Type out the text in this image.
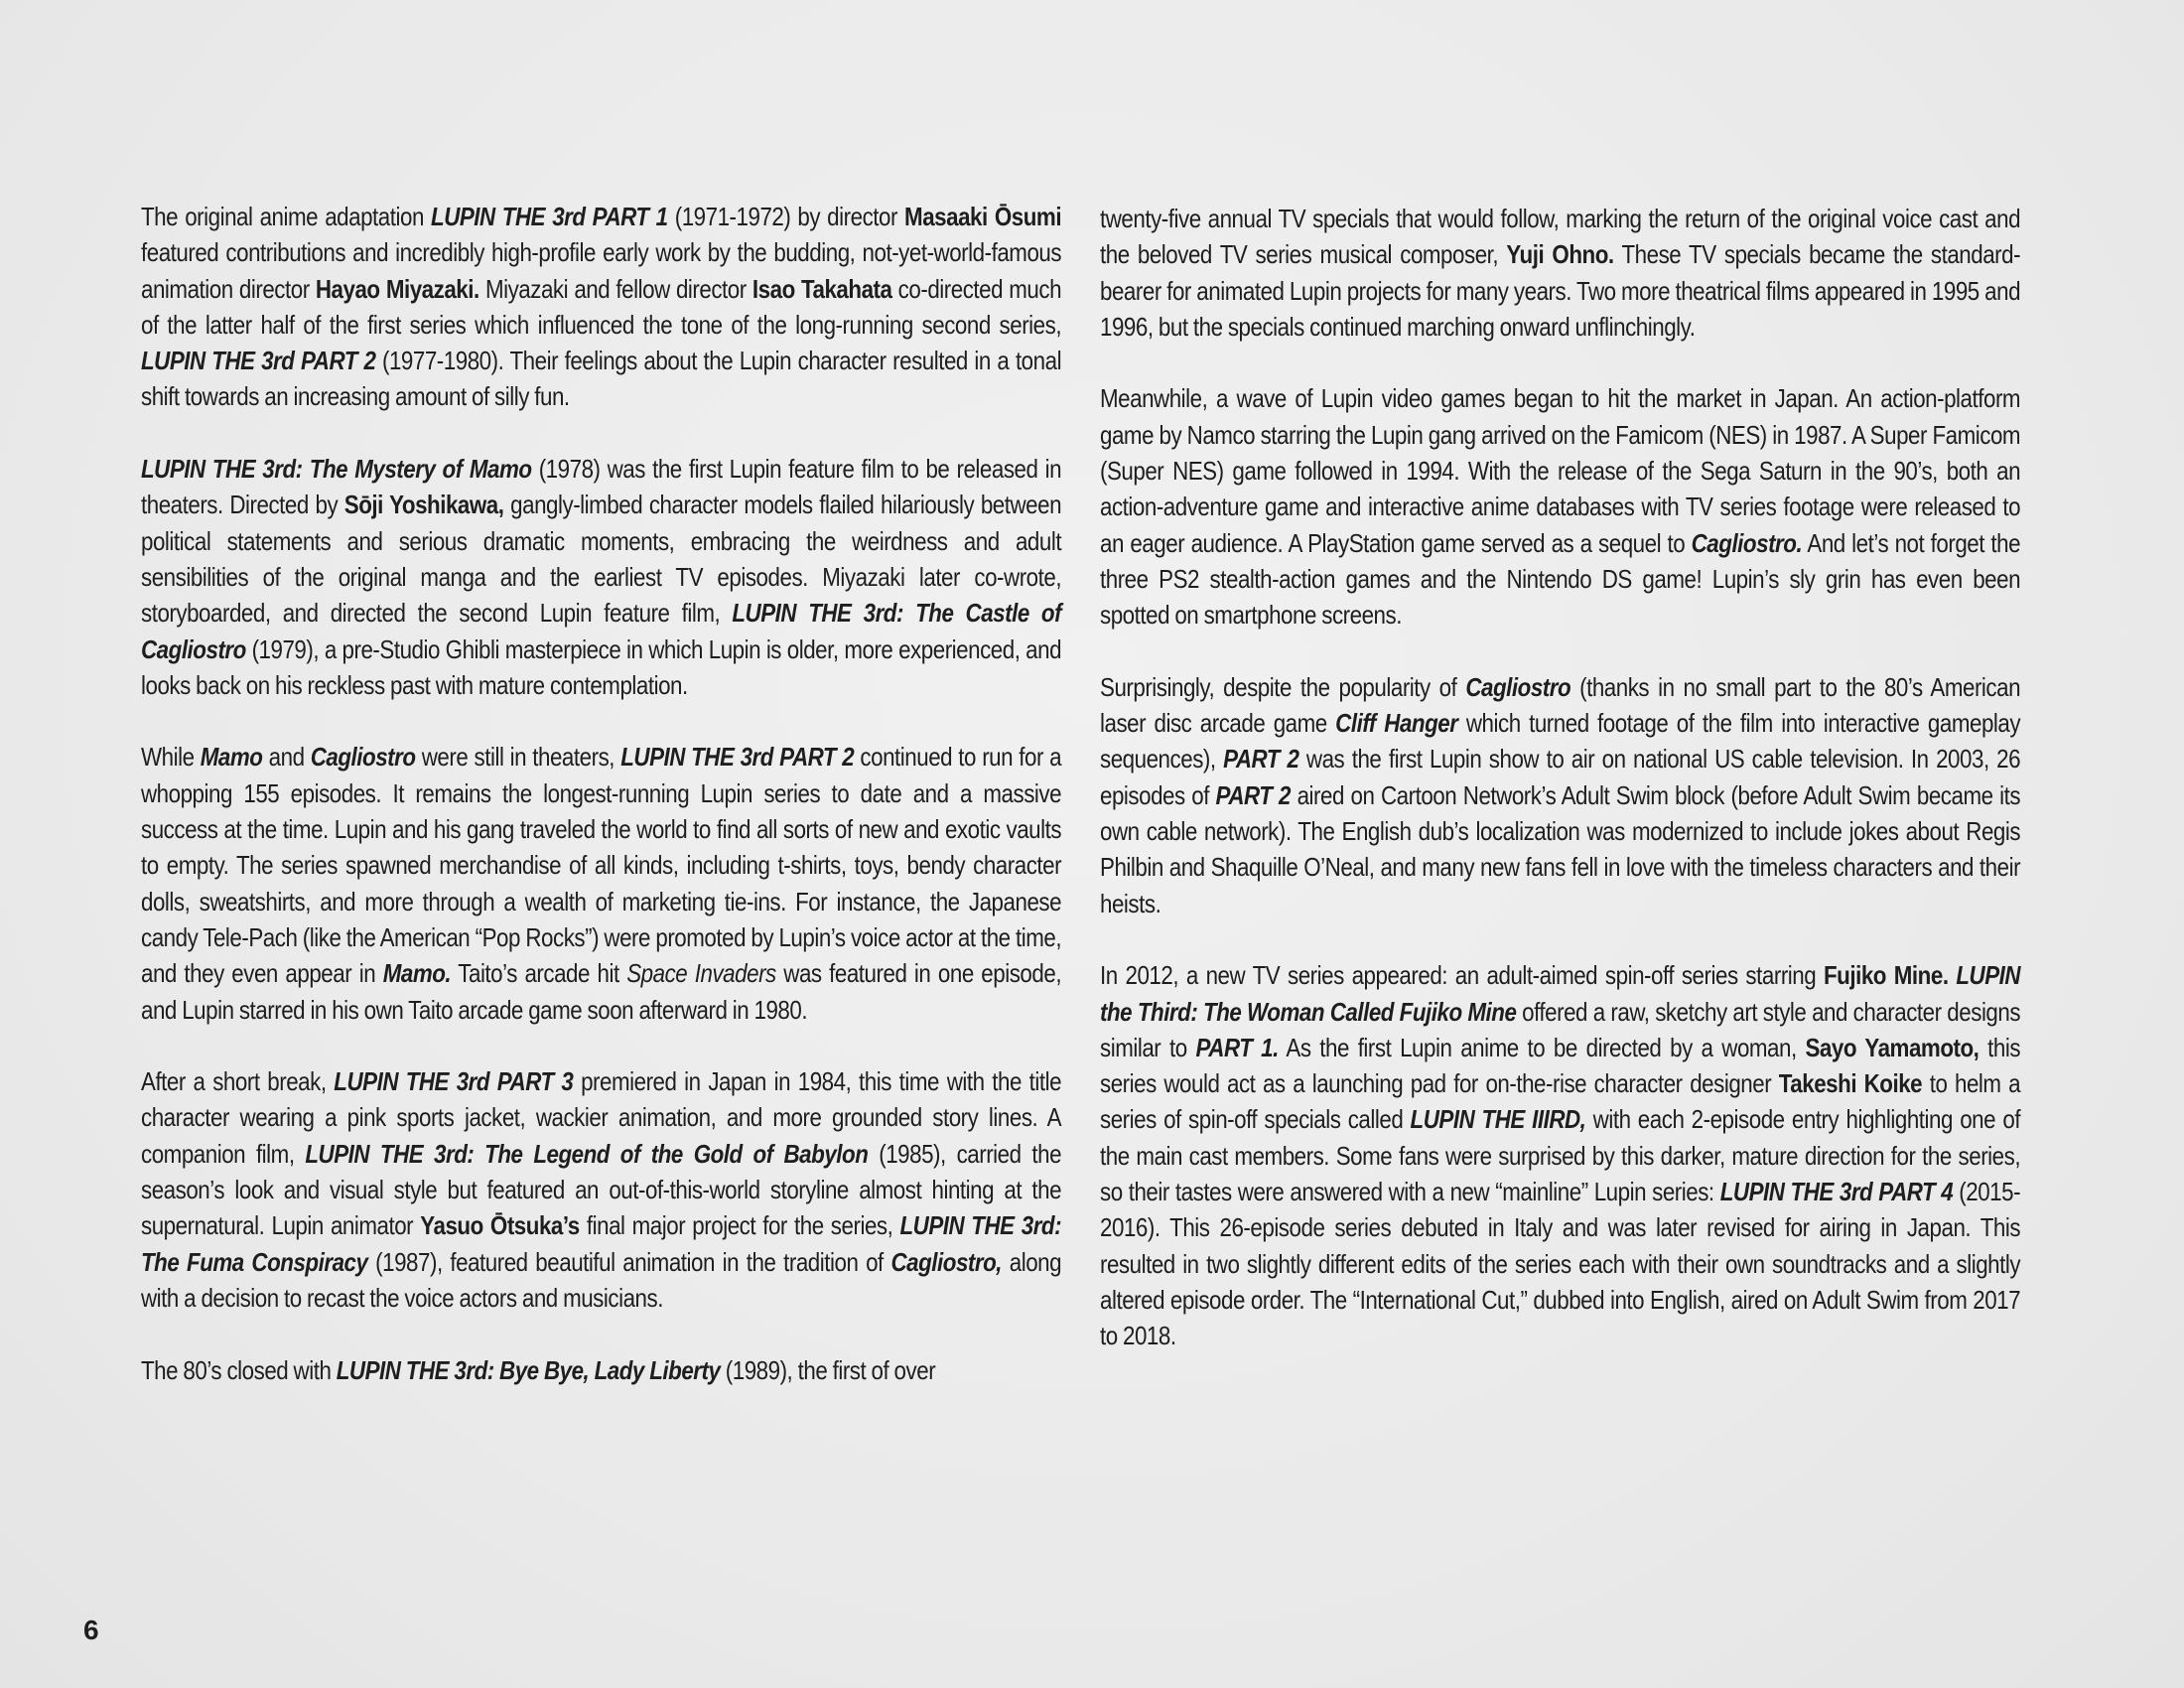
The original anime adaptation LUPIN THE 3rd PART 1 (1971-1972) by director Masaaki Ōsumi featured contributions and incredibly high-profile early work by the budding, not-yet-world-famous animation director Hayao Miyazaki. Miyazaki and fellow director Isao Takahata co-directed much of the latter half of the first series which influenced the tone of the long-running second series, LUPIN THE 3rd PART 2 (1977-1980). Their feelings about the Lupin character resulted in a tonal shift towards an increasing amount of silly fun.

LUPIN THE 3rd: The Mystery of Mamo (1978) was the first Lupin feature film to be released in theaters. Directed by Sōji Yoshikawa, gangly-limbed character models flailed hilariously between political statements and serious dramatic moments, embracing the weirdness and adult sensibilities of the original manga and the earliest TV episodes. Miyazaki later co-wrote, storyboarded, and directed the second Lupin feature film, LUPIN THE 3rd: The Castle of Cagliostro (1979), a pre-Studio Ghibli masterpiece in which Lupin is older, more experienced, and looks back on his reckless past with mature contemplation.

While Mamo and Cagliostro were still in theaters, LUPIN THE 3rd PART 2 continued to run for a whopping 155 episodes. It remains the longest-running Lupin series to date and a massive success at the time. Lupin and his gang traveled the world to find all sorts of new and exotic vaults to empty. The series spawned merchandise of all kinds, including t-shirts, toys, bendy character dolls, sweatshirts, and more through a wealth of marketing tie-ins. For instance, the Japanese candy Tele-Pach (like the American “Pop Rocks”) were promoted by Lupin’s voice actor at the time, and they even appear in Mamo. Taito’s arcade hit Space Invaders was featured in one episode, and Lupin starred in his own Taito arcade game soon afterward in 1980.

After a short break, LUPIN THE 3rd PART 3 premiered in Japan in 1984, this time with the title character wearing a pink sports jacket, wackier animation, and more grounded story lines. A companion film, LUPIN THE 3rd: The Legend of the Gold of Babylon (1985), carried the season’s look and visual style but featured an out-of-this-world storyline almost hinting at the supernatural. Lupin animator Yasuo Ōtsuka’s final major project for the series, LUPIN THE 3rd: The Fuma Conspiracy (1987), featured beautiful animation in the tradition of Cagliostro, along with a decision to recast the voice actors and musicians.

The 80’s closed with LUPIN THE 3rd: Bye Bye, Lady Liberty (1989), the first of over

twenty-five annual TV specials that would follow, marking the return of the original voice cast and the beloved TV series musical composer, Yuji Ohno. These TV specials became the standard-bearer for animated Lupin projects for many years. Two more theatrical films appeared in 1995 and 1996, but the specials continued marching onward unflinchingly.

Meanwhile, a wave of Lupin video games began to hit the market in Japan. An action-platform game by Namco starring the Lupin gang arrived on the Famicom (NES) in 1987. A Super Famicom (Super NES) game followed in 1994. With the release of the Sega Saturn in the 90’s, both an action-adventure game and interactive anime databases with TV series footage were released to an eager audience. A PlayStation game served as a sequel to Cagliostro. And let’s not forget the three PS2 stealth-action games and the Nintendo DS game! Lupin’s sly grin has even been spotted on smartphone screens.

Surprisingly, despite the popularity of Cagliostro (thanks in no small part to the 80’s American laser disc arcade game Cliff Hanger which turned footage of the film into interactive gameplay sequences), PART 2 was the first Lupin show to air on national US cable television. In 2003, 26 episodes of PART 2 aired on Cartoon Network’s Adult Swim block (before Adult Swim became its own cable network). The English dub’s localization was modernized to include jokes about Regis Philbin and Shaquille O’Neal, and many new fans fell in love with the timeless characters and their heists.

In 2012, a new TV series appeared: an adult-aimed spin-off series starring Fujiko Mine. LUPIN the Third: The Woman Called Fujiko Mine offered a raw, sketchy art style and character designs similar to PART 1. As the first Lupin anime to be directed by a woman, Sayo Yamamoto, this series would act as a launching pad for on-the-rise character designer Takeshi Koike to helm a series of spin-off specials called LUPIN THE IIIRD, with each 2-episode entry highlighting one of the main cast members. Some fans were surprised by this darker, mature direction for the series, so their tastes were answered with a new “mainline” Lupin series: LUPIN THE 3rd PART 4 (2015-2016). This 26-episode series debuted in Italy and was later revised for airing in Japan. This resulted in two slightly different edits of the series each with their own soundtracks and a slightly altered episode order. The “International Cut,” dubbed into English, aired on Adult Swim from 2017 to 2018.

6
